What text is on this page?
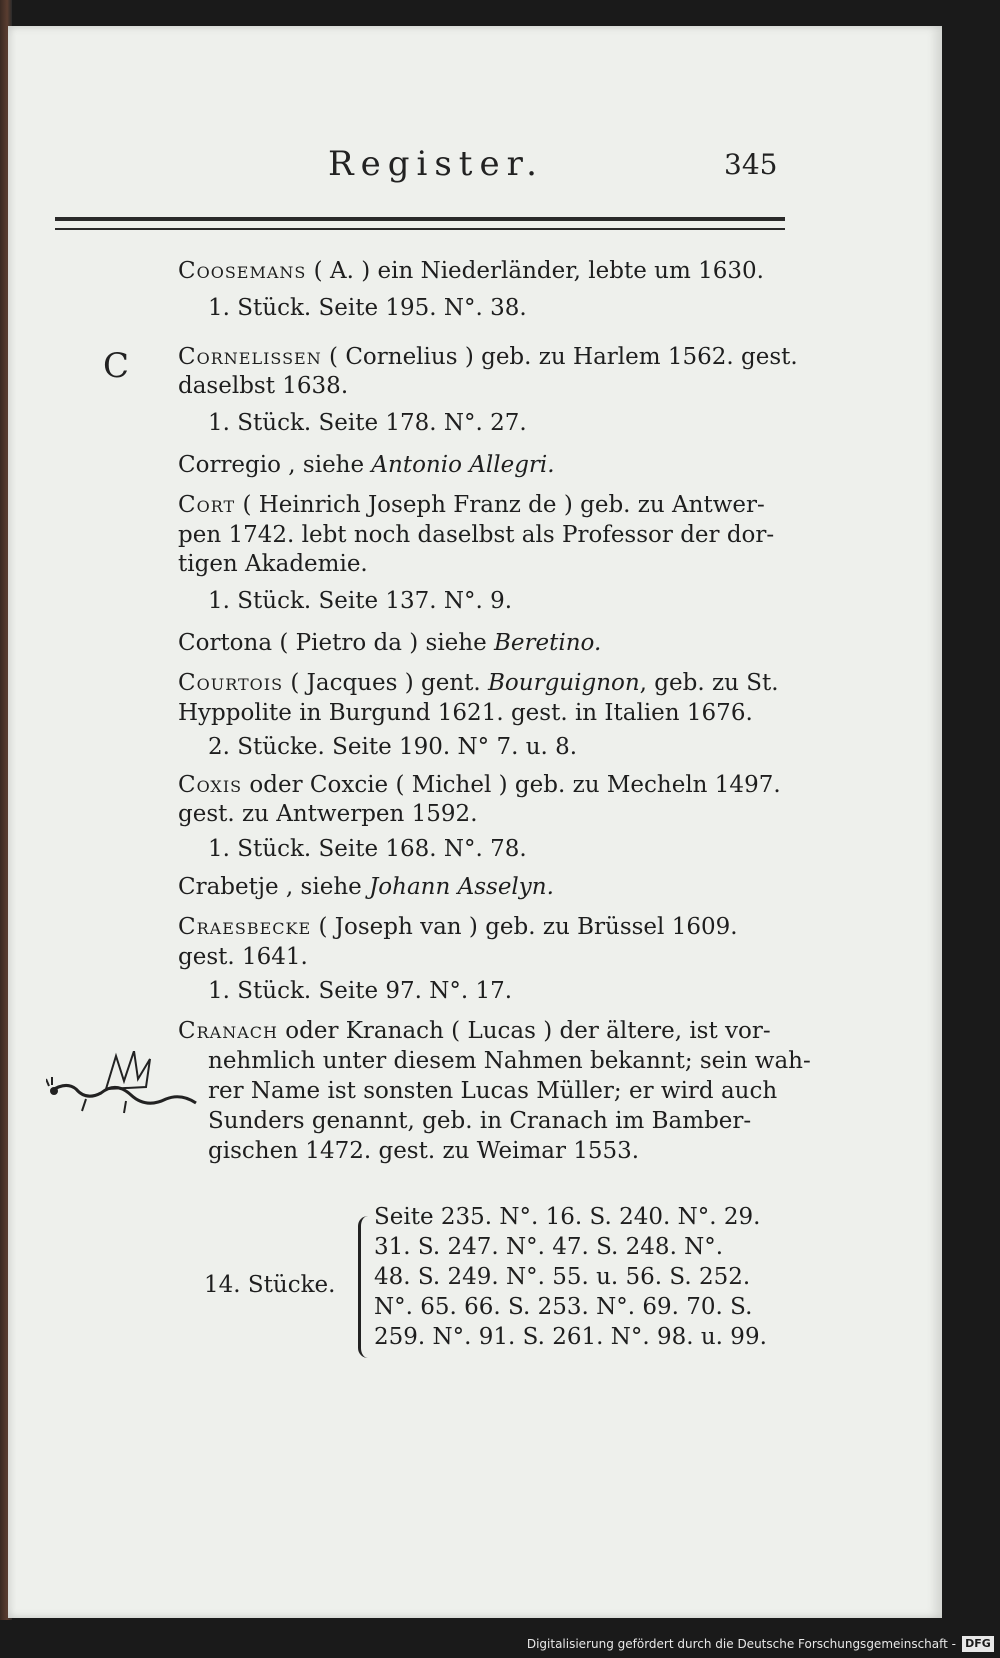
Register.	345
C
Coosemans ( A. ) ein Niederländer, lebte um 1630.
1. Stück. Seite 195. N°. 38.
Cornelissen ( Cornelius ) geb. zu Harlem 1562. gest.
daselbst 1638.
1. Stück. Seite 178. N°. 27.
Corregio , siehe Antonio Allegri.
Cort ( Heinrich Joseph Franz de ) geb. zu Antwer-
pen 1742. lebt noch daselbst als Professor der dor-
tigen Akademie.
1. Stück. Seite 137. N°. 9.
Cortona ( Pietro da ) siehe Beretino.
Courtois ( Jacques ) gent. Bourguignon, geb. zu St.
Hyppolite in Burgund 1621. gest. in Italien 1676.
2. Stücke. Seite 190. N° 7. u. 8.
Coxis oder Coxcie ( Michel ) geb. zu Mecheln 1497.
gest. zu Antwerpen 1592.
1. Stück. Seite 168. N°. 78.
Crabetje , siehe Johann Asselyn.
Craesbecke ( Joseph van ) geb. zu Brüssel 1609.
gest. 1641.
1. Stück. Seite 97. N°. 17.
Cranach oder Kranach ( Lucas ) der ältere, ist vor-
nehmlich unter diesem Nahmen bekannt; sein wah-
rer Name ist sonsten Lucas Müller; er wird auch
Sunders genannt, geb. in Cranach im Bamber-
gischen 1472. gest. zu Weimar 1553.
14. Stücke.
Seite 235. N°. 16. S. 240. N°. 29.
31. S. 247. N°. 47. S. 248. N°.
48. S. 249. N°. 55. u. 56. S. 252.
N°. 65. 66. S. 253. N°. 69. 70. S.
259. N°. 91. S. 261. N°. 98. u. 99.
Digitalisierung gefördert durch die Deutsche Forschungsgemeinschaft - DFG
